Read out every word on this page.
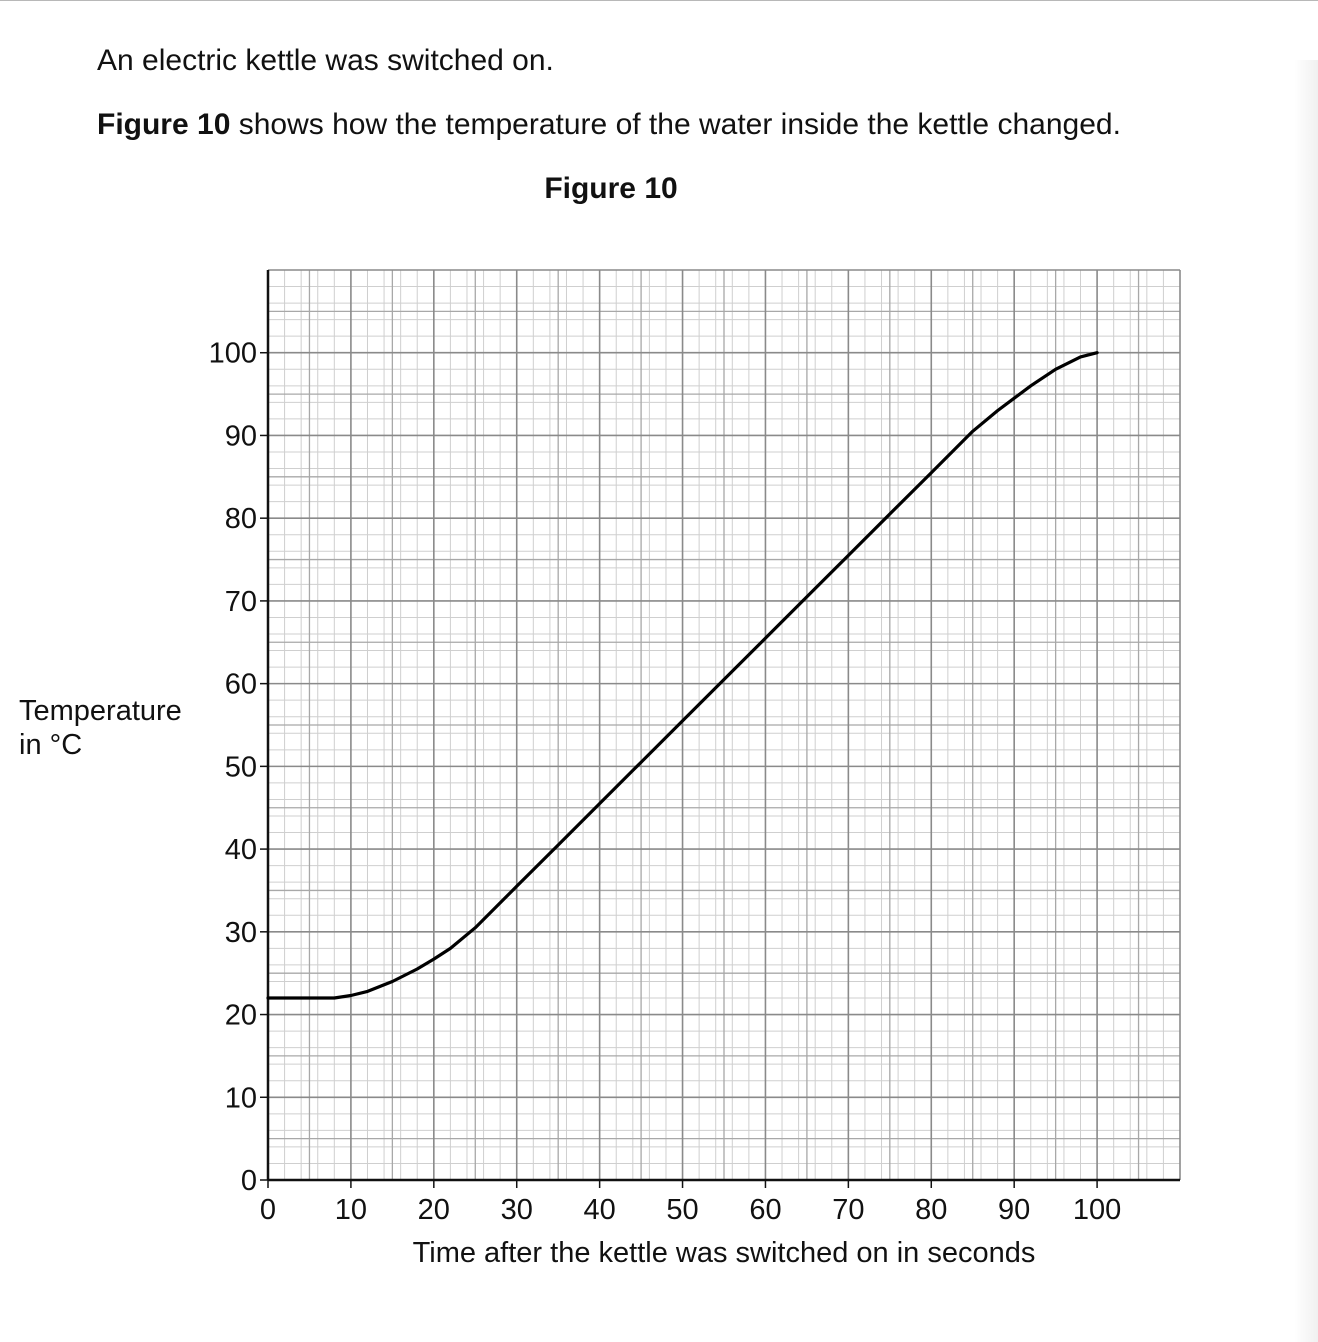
An electric kettle was switched on.

Figure 10 shows how the temperature of the water inside the kettle changed.

Figure 10

Temperature
in °C
0
10
20
30
40
50
60
70
80
90
100
0 10 20 30 40 50 60 70 80 90 100
Time after the kettle was switched on in seconds
